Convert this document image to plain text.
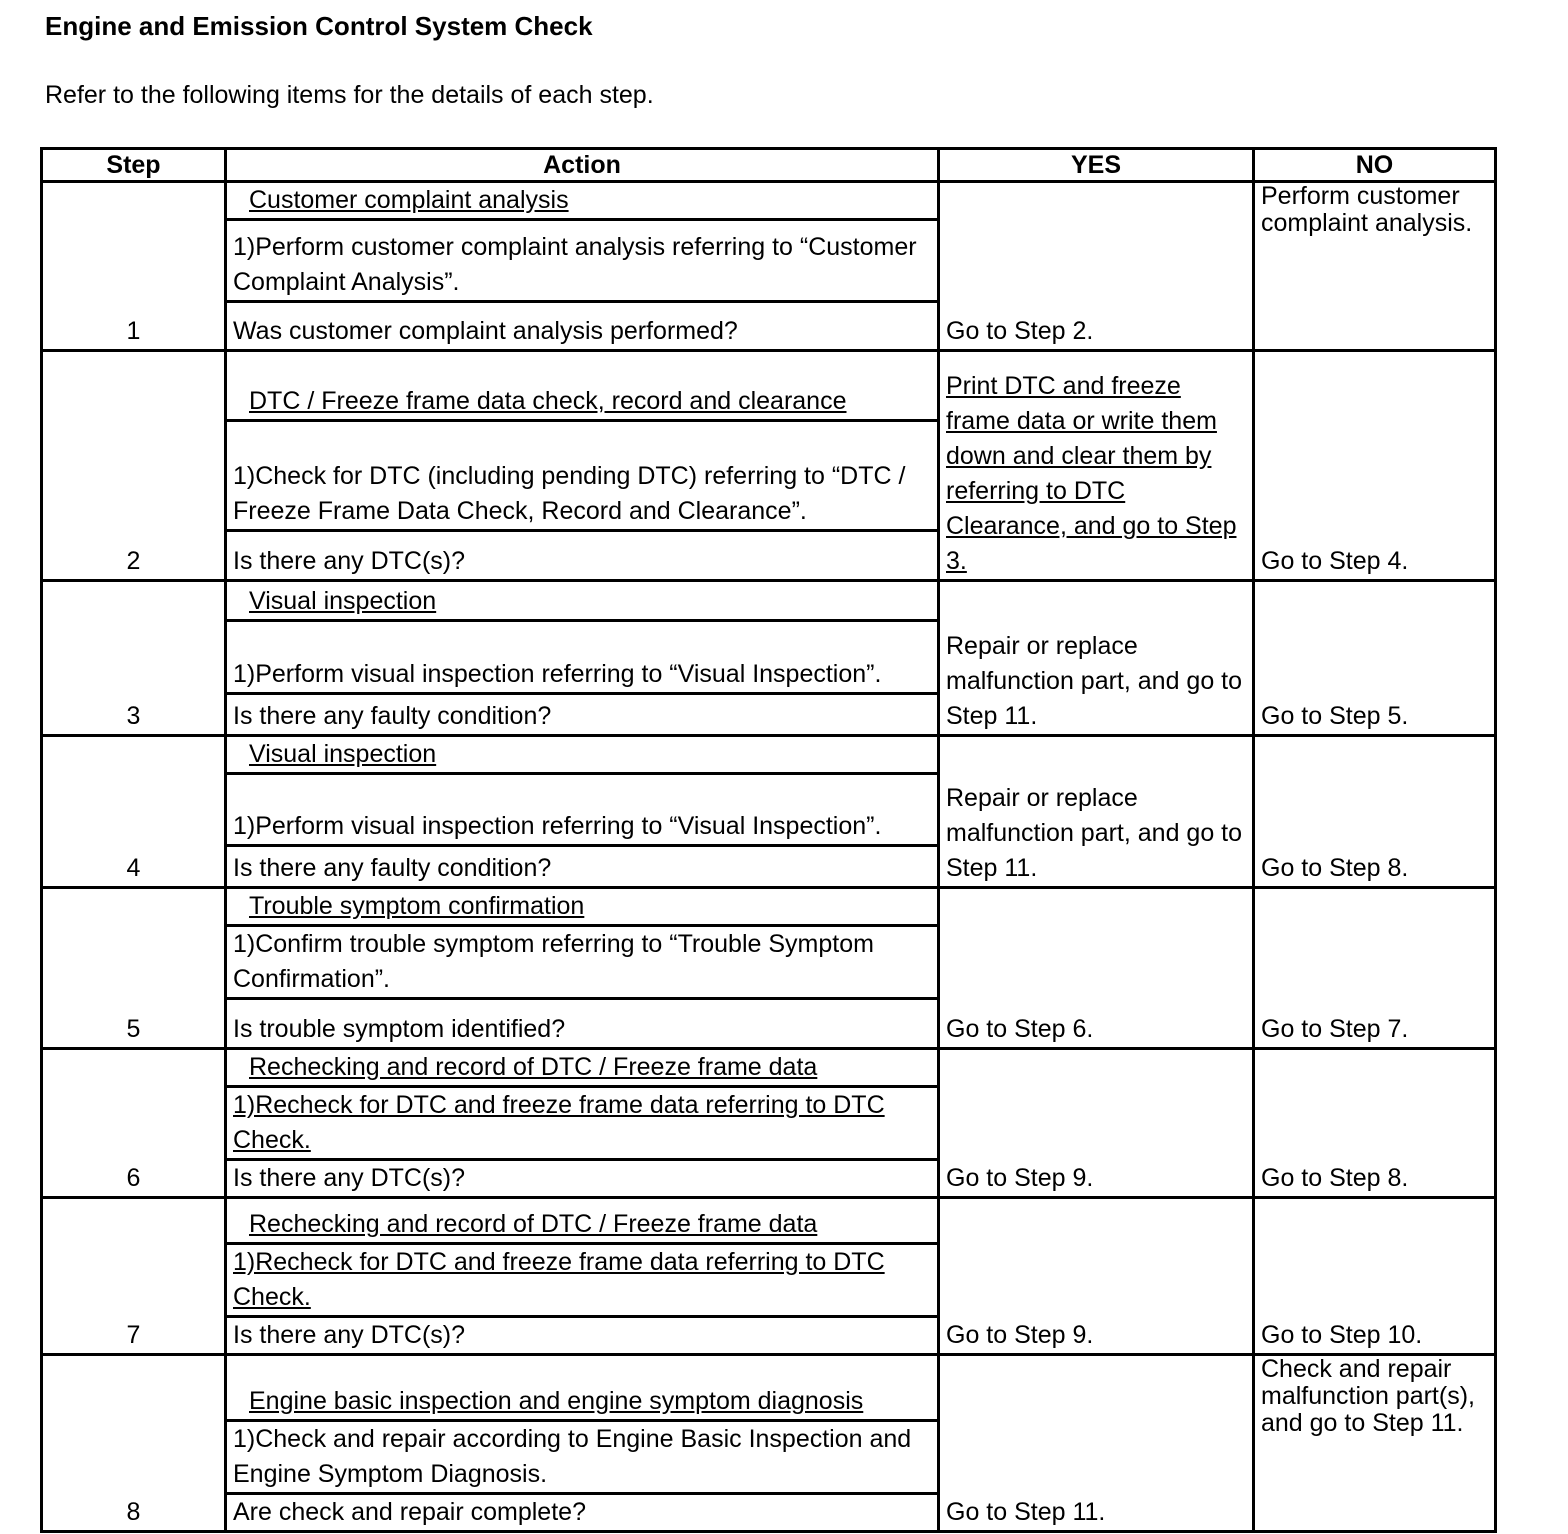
Engine and Emission Control System Check
Refer to the following items for the details of each step.
Step	Action	YES	NO
1	Customer complaint analysis	Go to Step 2.	Perform customer complaint analysis.
	1)Perform customer complaint analysis referring to “Customer Complaint Analysis”.		
	Was customer complaint analysis performed?		
2	DTC / Freeze frame data check, record and clearance	Print DTC and freeze frame data or write them down and clear them by referring to DTC Clearance, and go to Step 3.	Go to Step 4.
	1)Check for DTC (including pending DTC) referring to “DTC / Freeze Frame Data Check, Record and Clearance”.		
	Is there any DTC(s)?		
3	Visual inspection	Repair or replace malfunction part, and go to Step 11.	Go to Step 5.
	1)Perform visual inspection referring to “Visual Inspection”.		
	Is there any faulty condition?		
4	Visual inspection	Repair or replace malfunction part, and go to Step 11.	Go to Step 8.
	1)Perform visual inspection referring to “Visual Inspection”.		
	Is there any faulty condition?		
5	Trouble symptom confirmation	Go to Step 6.	Go to Step 7.
	1)Confirm trouble symptom referring to “Trouble Symptom Confirmation”.		
	Is trouble symptom identified?		
6	Rechecking and record of DTC / Freeze frame data	Go to Step 9.	Go to Step 8.
	1)Recheck for DTC and freeze frame data referring to DTC Check.		
	Is there any DTC(s)?		
7	Rechecking and record of DTC / Freeze frame data	Go to Step 9.	Go to Step 10.
	1)Recheck for DTC and freeze frame data referring to DTC Check.		
	Is there any DTC(s)?		
8	Engine basic inspection and engine symptom diagnosis	Go to Step 11.	Check and repair malfunction part(s), and go to Step 11.
	1)Check and repair according to Engine Basic Inspection and Engine Symptom Diagnosis.		
	Are check and repair complete?		
